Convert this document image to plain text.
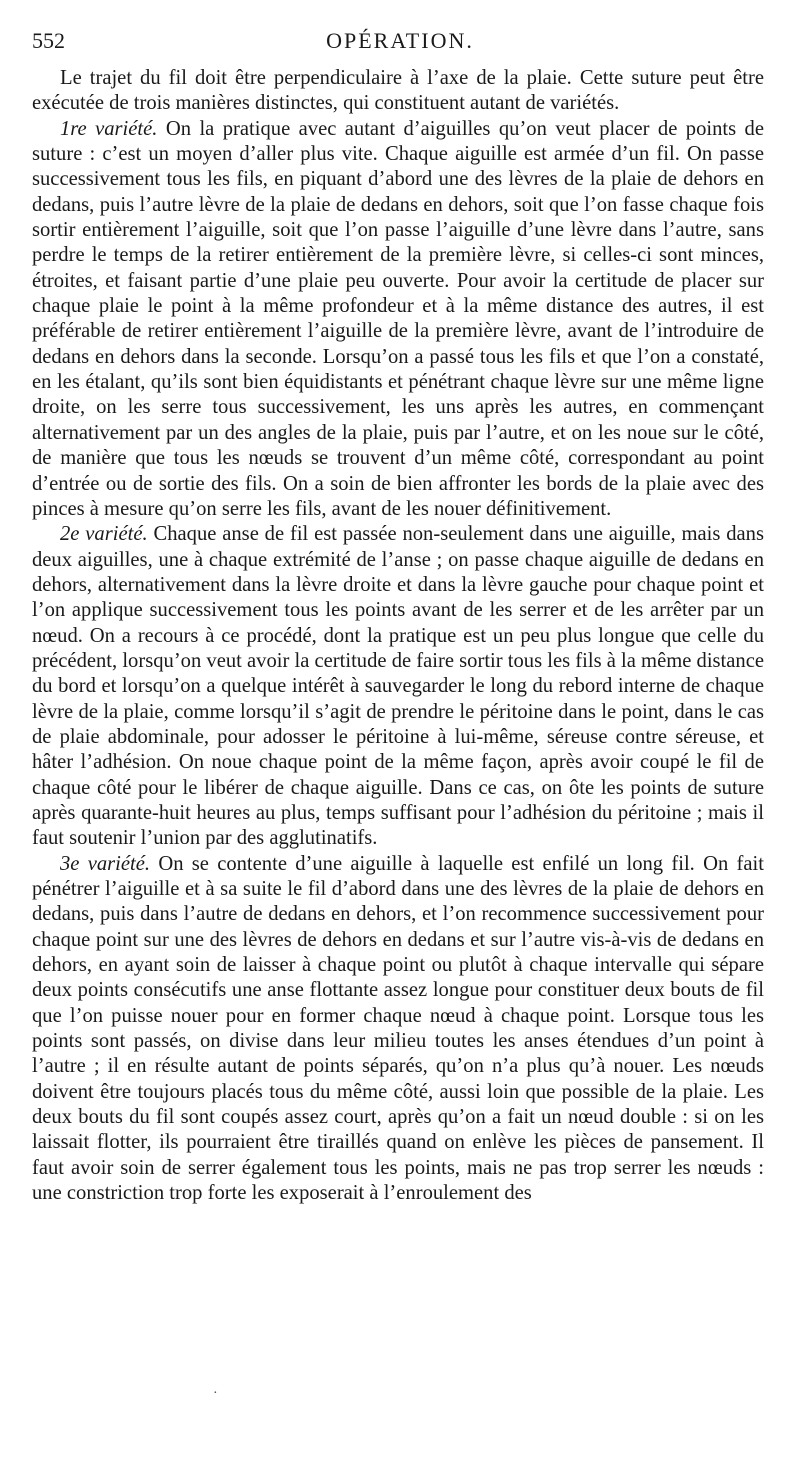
552	OPÉRATION.

Le trajet du fil doit être perpendiculaire à l’axe de la plaie. Cette suture peut être exécutée de trois manières distinctes, qui constituent autant de variétés.

1re variété. On la pratique avec autant d’aiguilles qu’on veut placer de points de suture : c’est un moyen d’aller plus vite. Chaque aiguille est armée d’un fil. On passe successivement tous les fils, en piquant d’abord une des lèvres de la plaie de dehors en dedans, puis l’autre lèvre de la plaie de dedans en dehors, soit que l’on fasse chaque fois sortir entièrement l’aiguille, soit que l’on passe l’aiguille d’une lèvre dans l’autre, sans perdre le temps de la retirer entièrement de la première lèvre, si celles-ci sont minces, étroites, et faisant partie d’une plaie peu ouverte. Pour avoir la certitude de placer sur chaque plaie le point à la même profondeur et à la même distance des autres, il est préférable de retirer entièrement l’aiguille de la première lèvre, avant de l’introduire de dedans en dehors dans la seconde. Lorsqu’on a passé tous les fils et que l’on a constaté, en les étalant, qu’ils sont bien équidistants et pénétrant chaque lèvre sur une même ligne droite, on les serre tous successivement, les uns après les autres, en commençant alternativement par un des angles de la plaie, puis par l’autre, et on les noue sur le côté, de manière que tous les nœuds se trouvent d’un même côté, correspondant au point d’entrée ou de sortie des fils. On a soin de bien affronter les bords de la plaie avec des pinces à mesure qu’on serre les fils, avant de les nouer définitivement.

2e variété. Chaque anse de fil est passée non-seulement dans une aiguille, mais dans deux aiguilles, une à chaque extrémité de l’anse ; on passe chaque aiguille de dedans en dehors, alternativement dans la lèvre droite et dans la lèvre gauche pour chaque point et l’on applique successivement tous les points avant de les serrer et de les arrêter par un nœud. On a recours à ce procédé, dont la pratique est un peu plus longue que celle du précédent, lorsqu’on veut avoir la certitude de faire sortir tous les fils à la même distance du bord et lorsqu’on a quelque intérêt à sauvegarder le long du rebord interne de chaque lèvre de la plaie, comme lorsqu’il s’agit de prendre le péritoine dans le point, dans le cas de plaie abdominale, pour adosser le péritoine à lui-même, séreuse contre séreuse, et hâter l’adhésion. On noue chaque point de la même façon, après avoir coupé le fil de chaque côté pour le libérer de chaque aiguille. Dans ce cas, on ôte les points de suture après quarante-huit heures au plus, temps suffisant pour l’adhésion du péritoine ; mais il faut soutenir l’union par des agglutinatifs.

3e variété. On se contente d’une aiguille à laquelle est enfilé un long fil. On fait pénétrer l’aiguille et à sa suite le fil d’abord dans une des lèvres de la plaie de dehors en dedans, puis dans l’autre de dedans en dehors, et l’on recommence successivement pour chaque point sur une des lèvres de dehors en dedans et sur l’autre vis-à-vis de dedans en dehors, en ayant soin de laisser à chaque point ou plutôt à chaque intervalle qui sépare deux points consécutifs une anse flottante assez longue pour constituer deux bouts de fil que l’on puisse nouer pour en former chaque nœud à chaque point. Lorsque tous les points sont passés, on divise dans leur milieu toutes les anses étendues d’un point à l’autre ; il en résulte autant de points séparés, qu’on n’a plus qu’à nouer. Les nœuds doivent être toujours placés tous du même côté, aussi loin que possible de la plaie. Les deux bouts du fil sont coupés assez court, après qu’on a fait un nœud double : si on les laissait flotter, ils pourraient être tiraillés quand on enlève les pièces de pansement. Il faut avoir soin de serrer également tous les points, mais ne pas trop serrer les nœuds : une constriction trop forte les exposerait à l’enroulement des

·
